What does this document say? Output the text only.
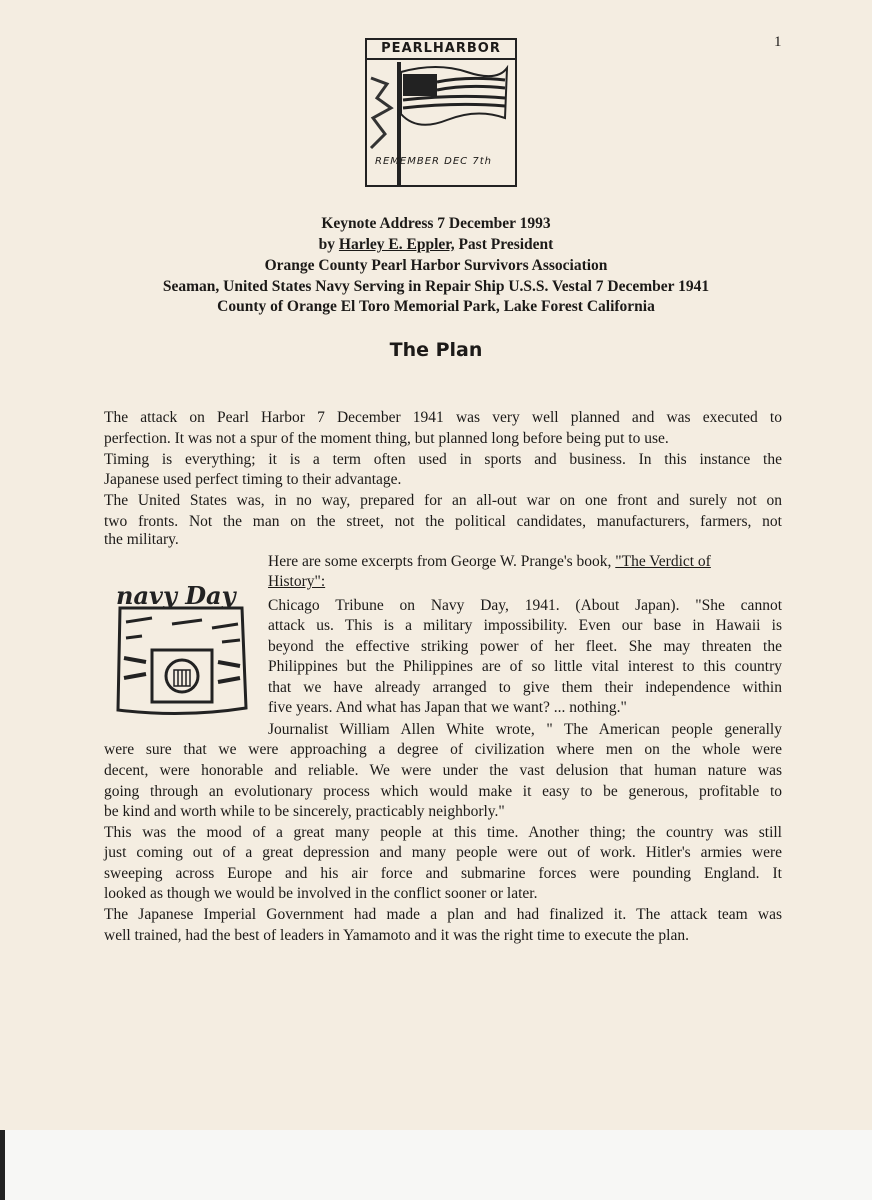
1
PEARLHARBOR
REMEMBER DEC 7th
Keynote Address 7 December 1993
by Harley E. Eppler, Past President
Orange County Pearl Harbor Survivors Association
Seaman, United States Navy Serving in Repair Ship U.S.S. Vestal 7 December 1941
County of Orange El Toro Memorial Park, Lake Forest California
The Plan
The attack on Pearl Harbor 7 December 1941 was very well planned and was executed to
perfection. It was not a spur of the moment thing, but planned long before being put to use.
Timing is everything; it is a term often used in sports and business. In this instance the
Japanese used perfect timing to their advantage.
The United States was, in no way, prepared for an all-out war on one front and surely not on
two fronts. Not the man on the street, not the political candidates, manufacturers, farmers, not
the military.
Here are some excerpts from George W. Prange's book, "The Verdict of
History":
navy Day Chicago Tribune on Navy Day, 1941. (About Japan). "She cannot
attack us. This is a military impossibility. Even our base in Hawaii is
beyond the effective striking power of her fleet. She may threaten the
Philippines but the Philippines are of so little vital interest to this country
that we have already arranged to give them their independence within
five years. And what has Japan that we want? ... nothing."
Journalist William Allen White wrote, " The American people generally
were sure that we were approaching a degree of civilization where men on the whole were
decent, were honorable and reliable. We were under the vast delusion that human nature was
going through an evolutionary process which would make it easy to be generous, profitable to
be kind and worth while to be sincerely, practicably neighborly."
This was the mood of a great many people at this time. Another thing; the country was still
just coming out of a great depression and many people were out of work. Hitler's armies were
sweeping across Europe and his air force and submarine forces were pounding England. It
looked as though we would be involved in the conflict sooner or later.
The Japanese Imperial Government had made a plan and had finalized it. The attack team was
well trained, had the best of leaders in Yamamoto and it was the right time to execute the plan.
